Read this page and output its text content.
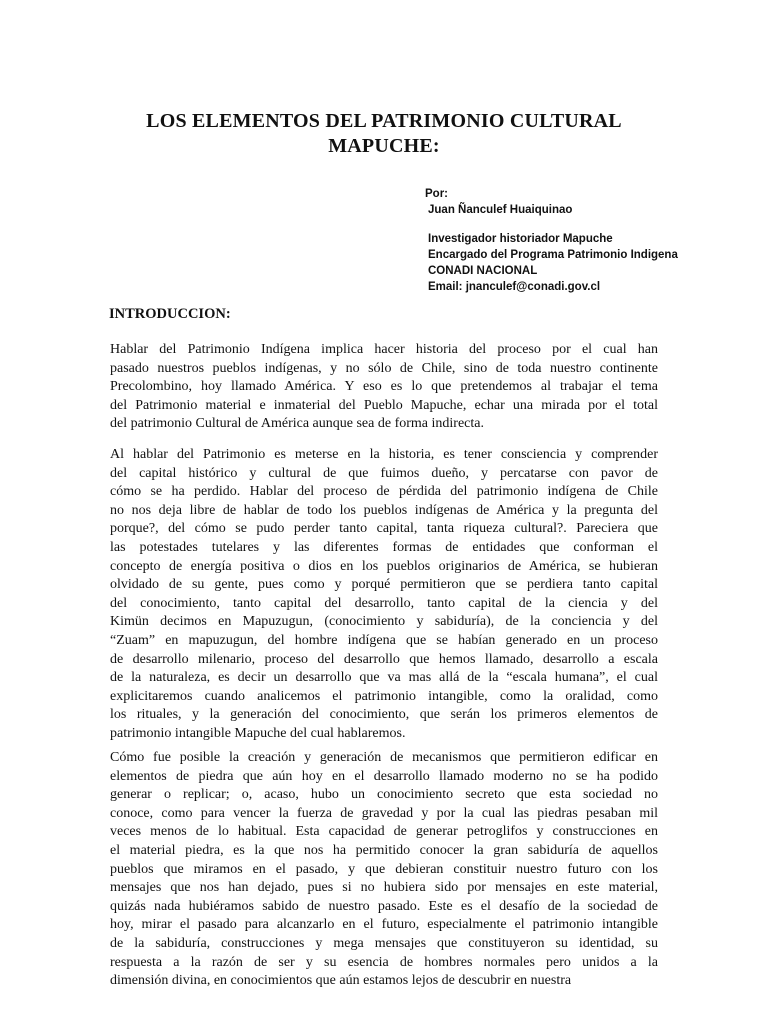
LOS ELEMENTOS DEL PATRIMONIO CULTURAL
MAPUCHE:
Por:
Juan Ñanculef Huaiquinao
Investigador historiador Mapuche
Encargado del Programa Patrimonio Indigena
CONADI NACIONAL
Email: jnanculef@conadi.gov.cl
INTRODUCCION:
Hablar del Patrimonio Indígena implica hacer historia del proceso por el cual han
pasado nuestros pueblos indígenas, y no sólo de Chile, sino de toda nuestro continente
Precolombino, hoy llamado América. Y eso es lo que pretendemos al trabajar el tema
del Patrimonio material e inmaterial del Pueblo Mapuche, echar una mirada por el total
del patrimonio Cultural de América aunque sea de forma indirecta.
Al hablar del Patrimonio es meterse en la historia, es tener consciencia y comprender
del capital histórico y cultural de que fuimos dueño, y percatarse con pavor de
cómo se ha perdido. Hablar del proceso de pérdida del patrimonio indígena de Chile
no nos deja libre de hablar de todo los pueblos indígenas de América y la pregunta del
porque?, del cómo se pudo perder tanto capital, tanta riqueza cultural?. Pareciera que
las potestades tutelares y las diferentes formas de entidades que conforman el
concepto de energía positiva o dios en los pueblos originarios de América, se hubieran
olvidado de su gente, pues como y porqué permitieron que se perdiera tanto capital
del conocimiento, tanto capital del desarrollo, tanto capital de la ciencia y del
Kimün decimos en Mapuzugun, (conocimiento y sabiduría), de la conciencia y del
“Zuam” en mapuzugun, del hombre indígena que se habían generado en un proceso
de desarrollo milenario, proceso del desarrollo que hemos llamado, desarrollo a escala
de la naturaleza, es decir un desarrollo que va mas allá de la “escala humana”, el cual
explicitaremos cuando analicemos el patrimonio intangible, como la oralidad, como
los rituales, y la generación del conocimiento, que serán los primeros elementos de
patrimonio intangible Mapuche del cual hablaremos.
Cómo fue posible la creación y generación de mecanismos que permitieron edificar en
elementos de piedra que aún hoy en el desarrollo llamado moderno no se ha podido
generar o replicar; o, acaso, hubo un conocimiento secreto que esta sociedad no
conoce, como para vencer la fuerza de gravedad y por la cual las piedras pesaban mil
veces menos de lo habitual. Esta capacidad de generar petroglifos y construcciones en
el material piedra, es la que nos ha permitido conocer la gran sabiduría de aquellos
pueblos que miramos en el pasado, y que debieran constituir nuestro futuro con los
mensajes que nos han dejado, pues si no hubiera sido por mensajes en este material,
quizás nada hubiéramos sabido de nuestro pasado. Este es el desafío de la sociedad de
hoy, mirar el pasado para alcanzarlo en el futuro, especialmente el patrimonio intangible
de la sabiduría, construcciones y mega mensajes que constituyeron su identidad, su
respuesta a la razón de ser y su esencia de hombres normales pero unidos a la
dimensión divina, en conocimientos que aún estamos lejos de descubrir en nuestra
